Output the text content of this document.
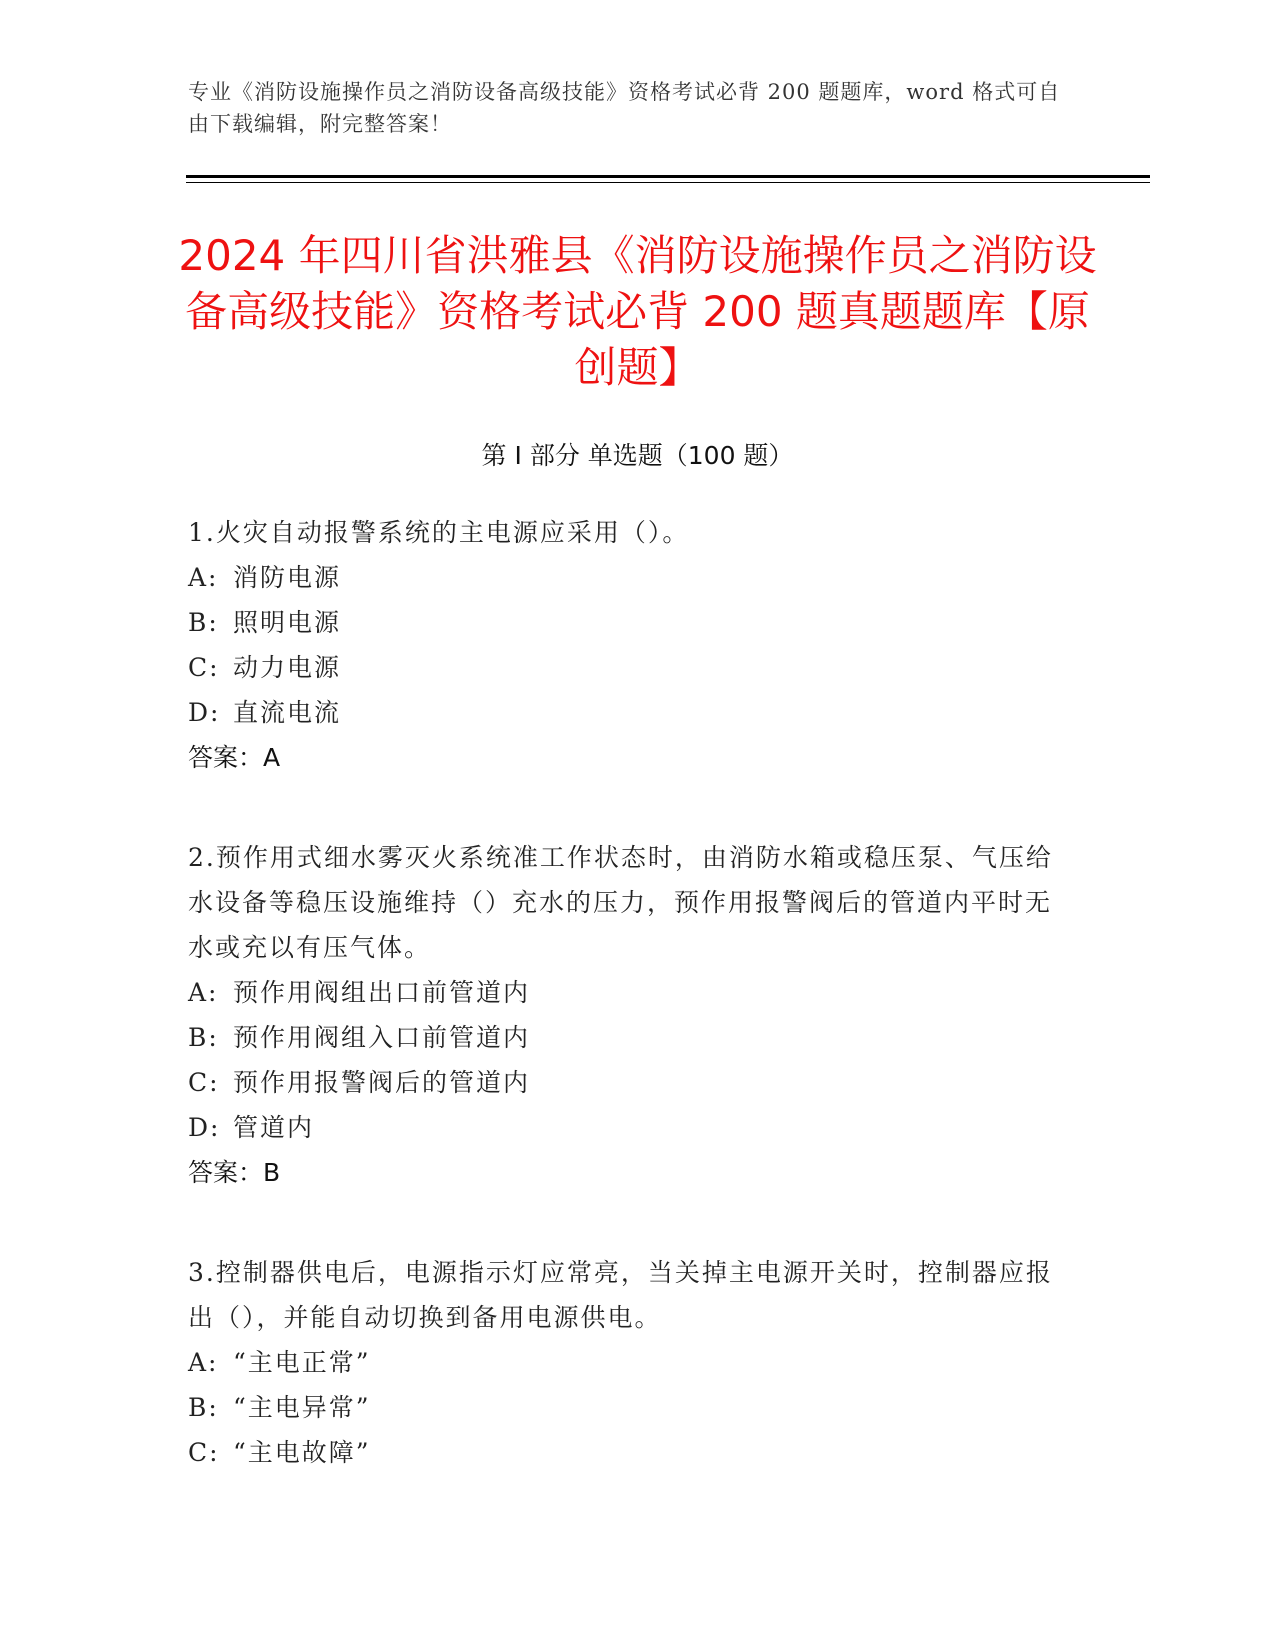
专业《消防设施操作员之消防设备高级技能》资格考试必背 200 题题库，word 格式可自由下载编辑，附完整答案！

2024 年四川省洪雅县《消防设施操作员之消防设备高级技能》资格考试必背 200 题真题题库【原创题】
第 I 部分 单选题（100 题）

1.火灾自动报警系统的主电源应采用（）。

A: 消防电源
B: 照明电源
C: 动力电源
D: 直流电流

答案：A

2.预作用式细水雾灭火系统准工作状态时，由消防水箱或稳压泵、气压给水设备等稳压设施维持（）充水的压力，预作用报警阀后的管道内平时无水或充以有压气体。

A: 预作用阀组出口前管道内
B: 预作用阀组入口前管道内
C: 预作用报警阀后的管道内
D: 管道内

答案：B

3.控制器供电后，电源指示灯应常亮，当关掉主电源开关时，控制器应报出（），并能自动切换到备用电源供电。

A: “主电正常”
B: “主电异常”
C: “主电故障”
